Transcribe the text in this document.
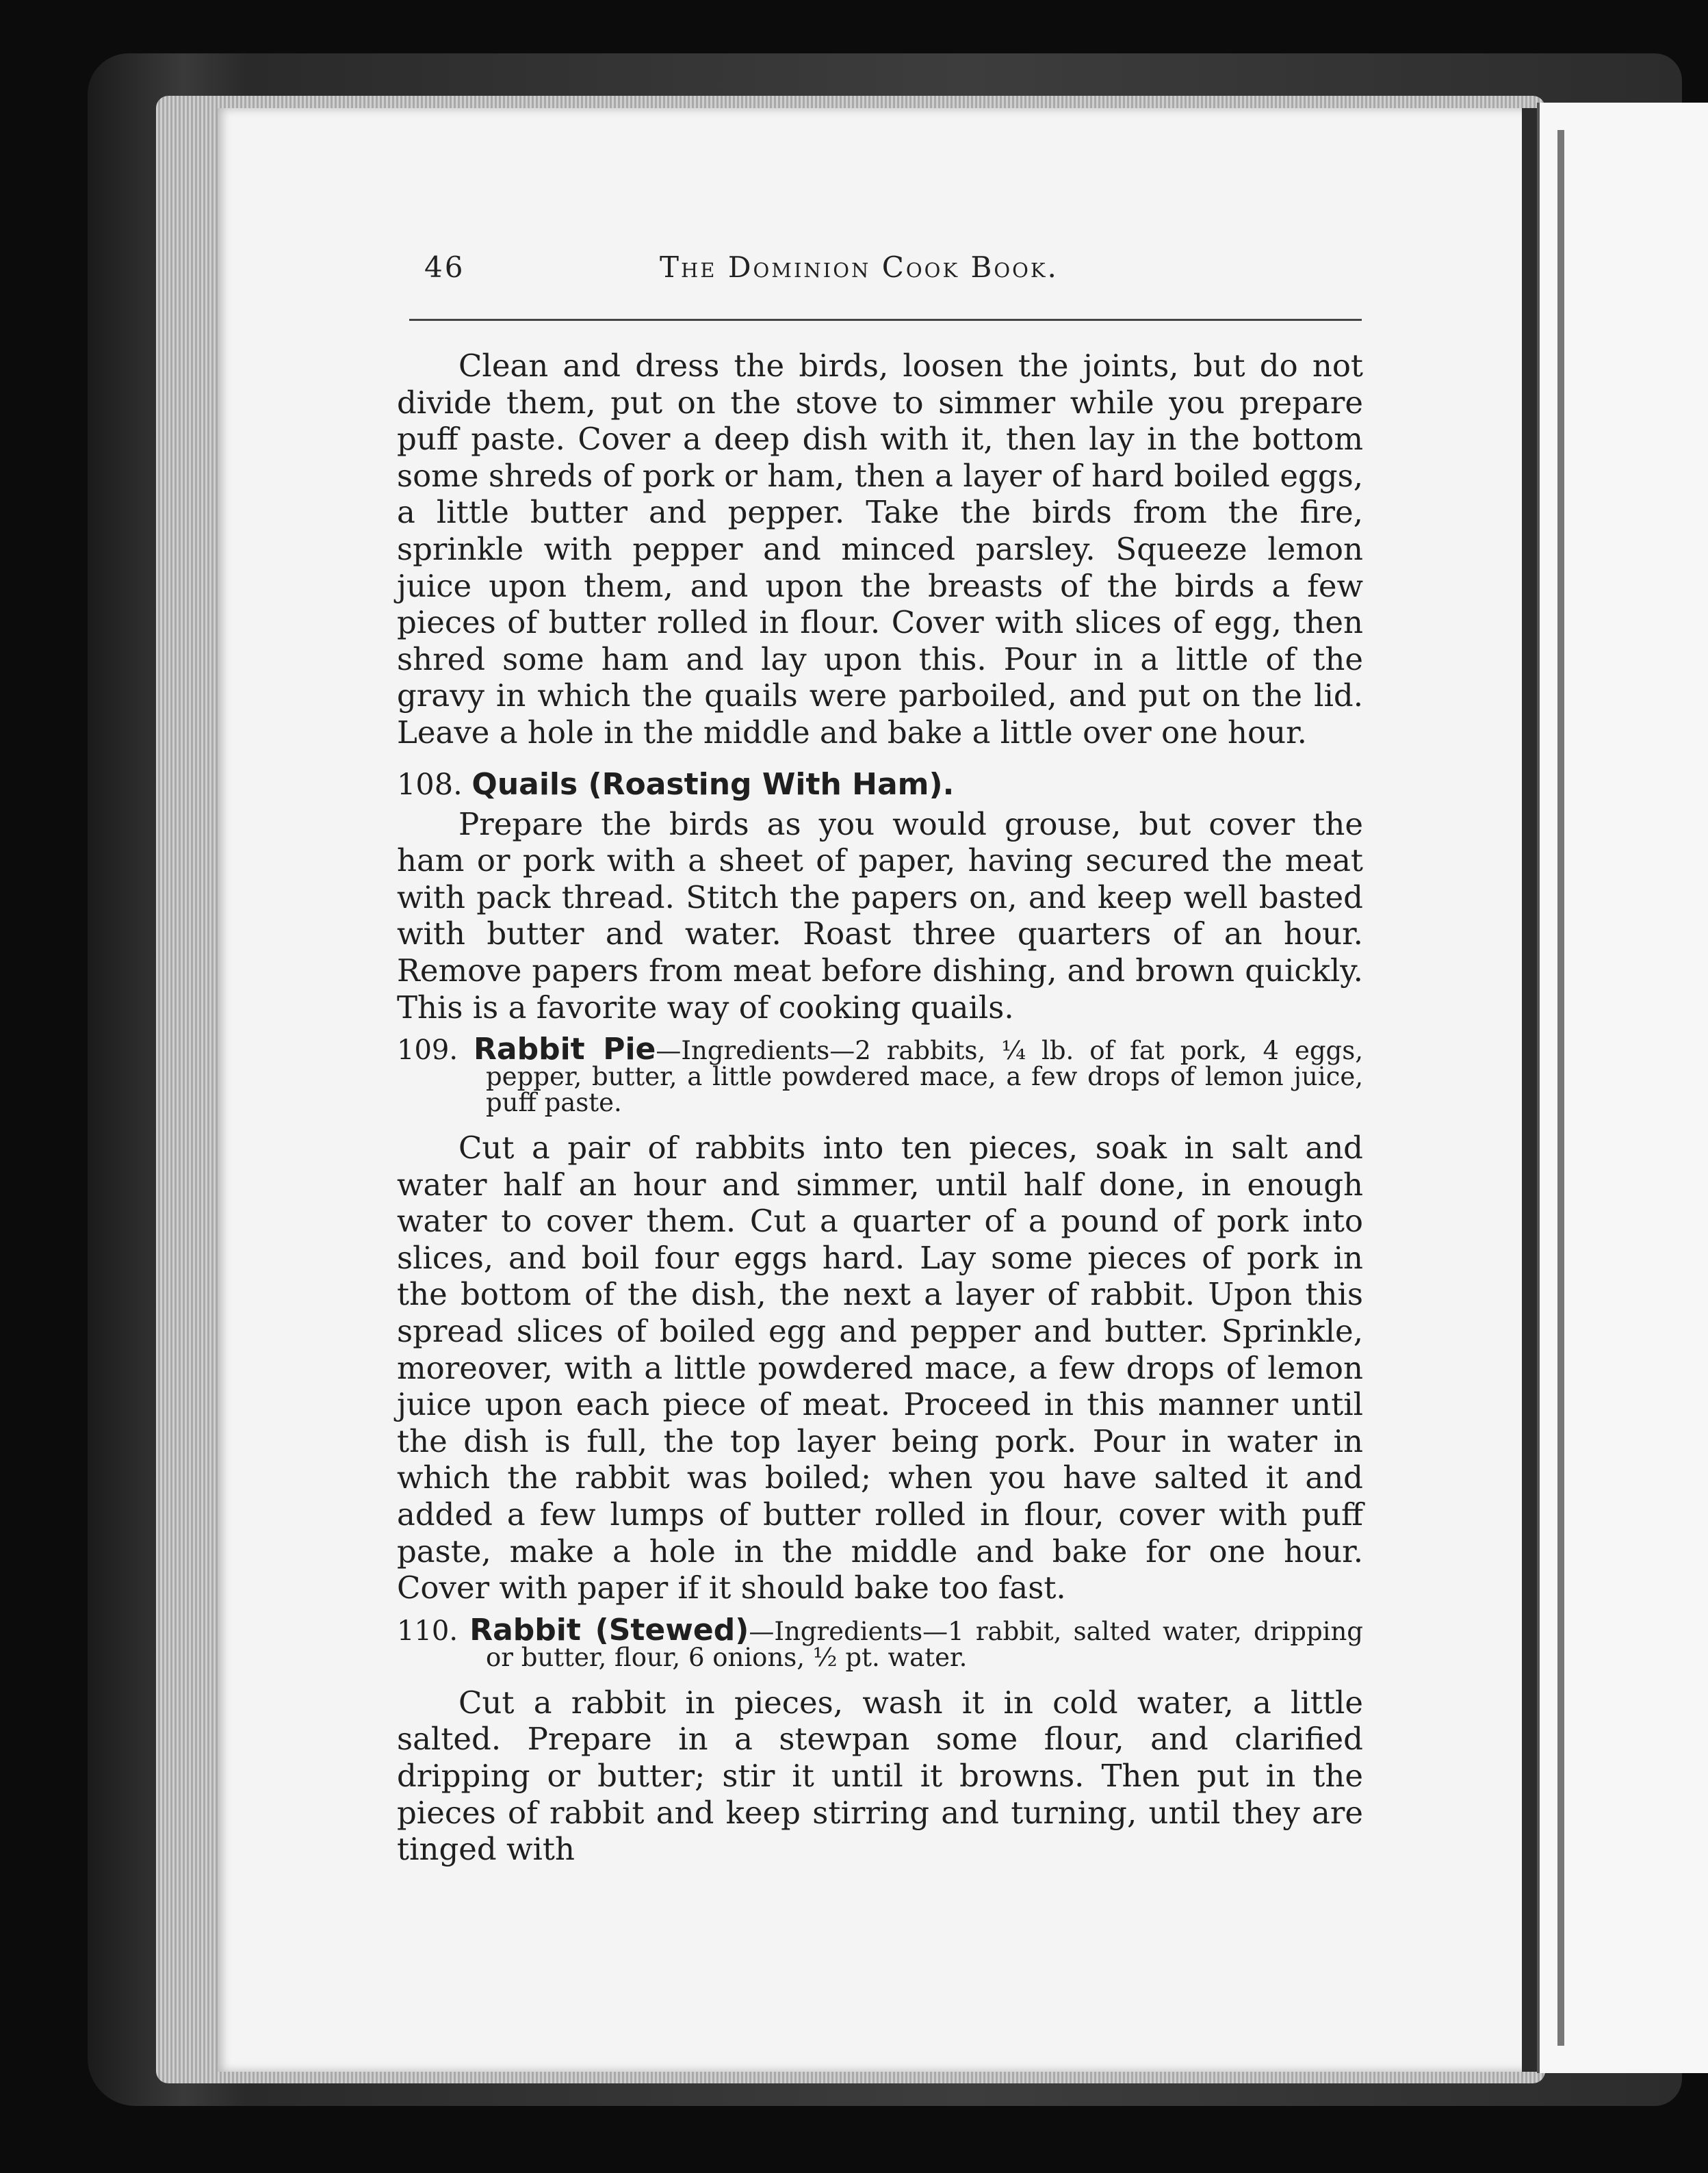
46	The Dominion Cook Book.

Clean and dress the birds, loosen the joints, but do not divide them, put on the stove to simmer while you prepare puff paste. Cover a deep dish with it, then lay in the bottom some shreds of pork or ham, then a layer of hard boiled eggs, a little butter and pepper. Take the birds from the fire, sprinkle with pepper and minced parsley. Squeeze lemon juice upon them, and upon the breasts of the birds a few pieces of butter rolled in flour. Cover with slices of egg, then shred some ham and lay upon this. Pour in a little of the gravy in which the quails were parboiled, and put on the lid. Leave a hole in the middle and bake a little over one hour.

108. Quails (Roasting With Ham).

Prepare the birds as you would grouse, but cover the ham or pork with a sheet of paper, having secured the meat with pack thread. Stitch the papers on, and keep well basted with butter and water. Roast three quarters of an hour. Remove papers from meat before dishing, and brown quickly. This is a favorite way of cooking quails.

109. Rabbit Pie—Ingredients—2 rabbits, ¼ lb. of fat pork, 4 eggs, pepper, butter, a little powdered mace, a few drops of lemon juice, puff paste.

Cut a pair of rabbits into ten pieces, soak in salt and water half an hour and simmer, until half done, in enough water to cover them. Cut a quarter of a pound of pork into slices, and boil four eggs hard. Lay some pieces of pork in the bottom of the dish, the next a layer of rabbit. Upon this spread slices of boiled egg and pepper and butter. Sprinkle, moreover, with a little powdered mace, a few drops of lemon juice upon each piece of meat. Proceed in this manner until the dish is full, the top layer being pork. Pour in water in which the rabbit was boiled; when you have salted it and added a few lumps of butter rolled in flour, cover with puff paste, make a hole in the middle and bake for one hour. Cover with paper if it should bake too fast.

110. Rabbit (Stewed)—Ingredients—1 rabbit, salted water, dripping or butter, flour, 6 onions, ½ pt. water.

Cut a rabbit in pieces, wash it in cold water, a little salted. Prepare in a stewpan some flour, and clarified dripping or butter; stir it until it browns. Then put in the pieces of rabbit and keep stirring and turning, until they are tinged with
